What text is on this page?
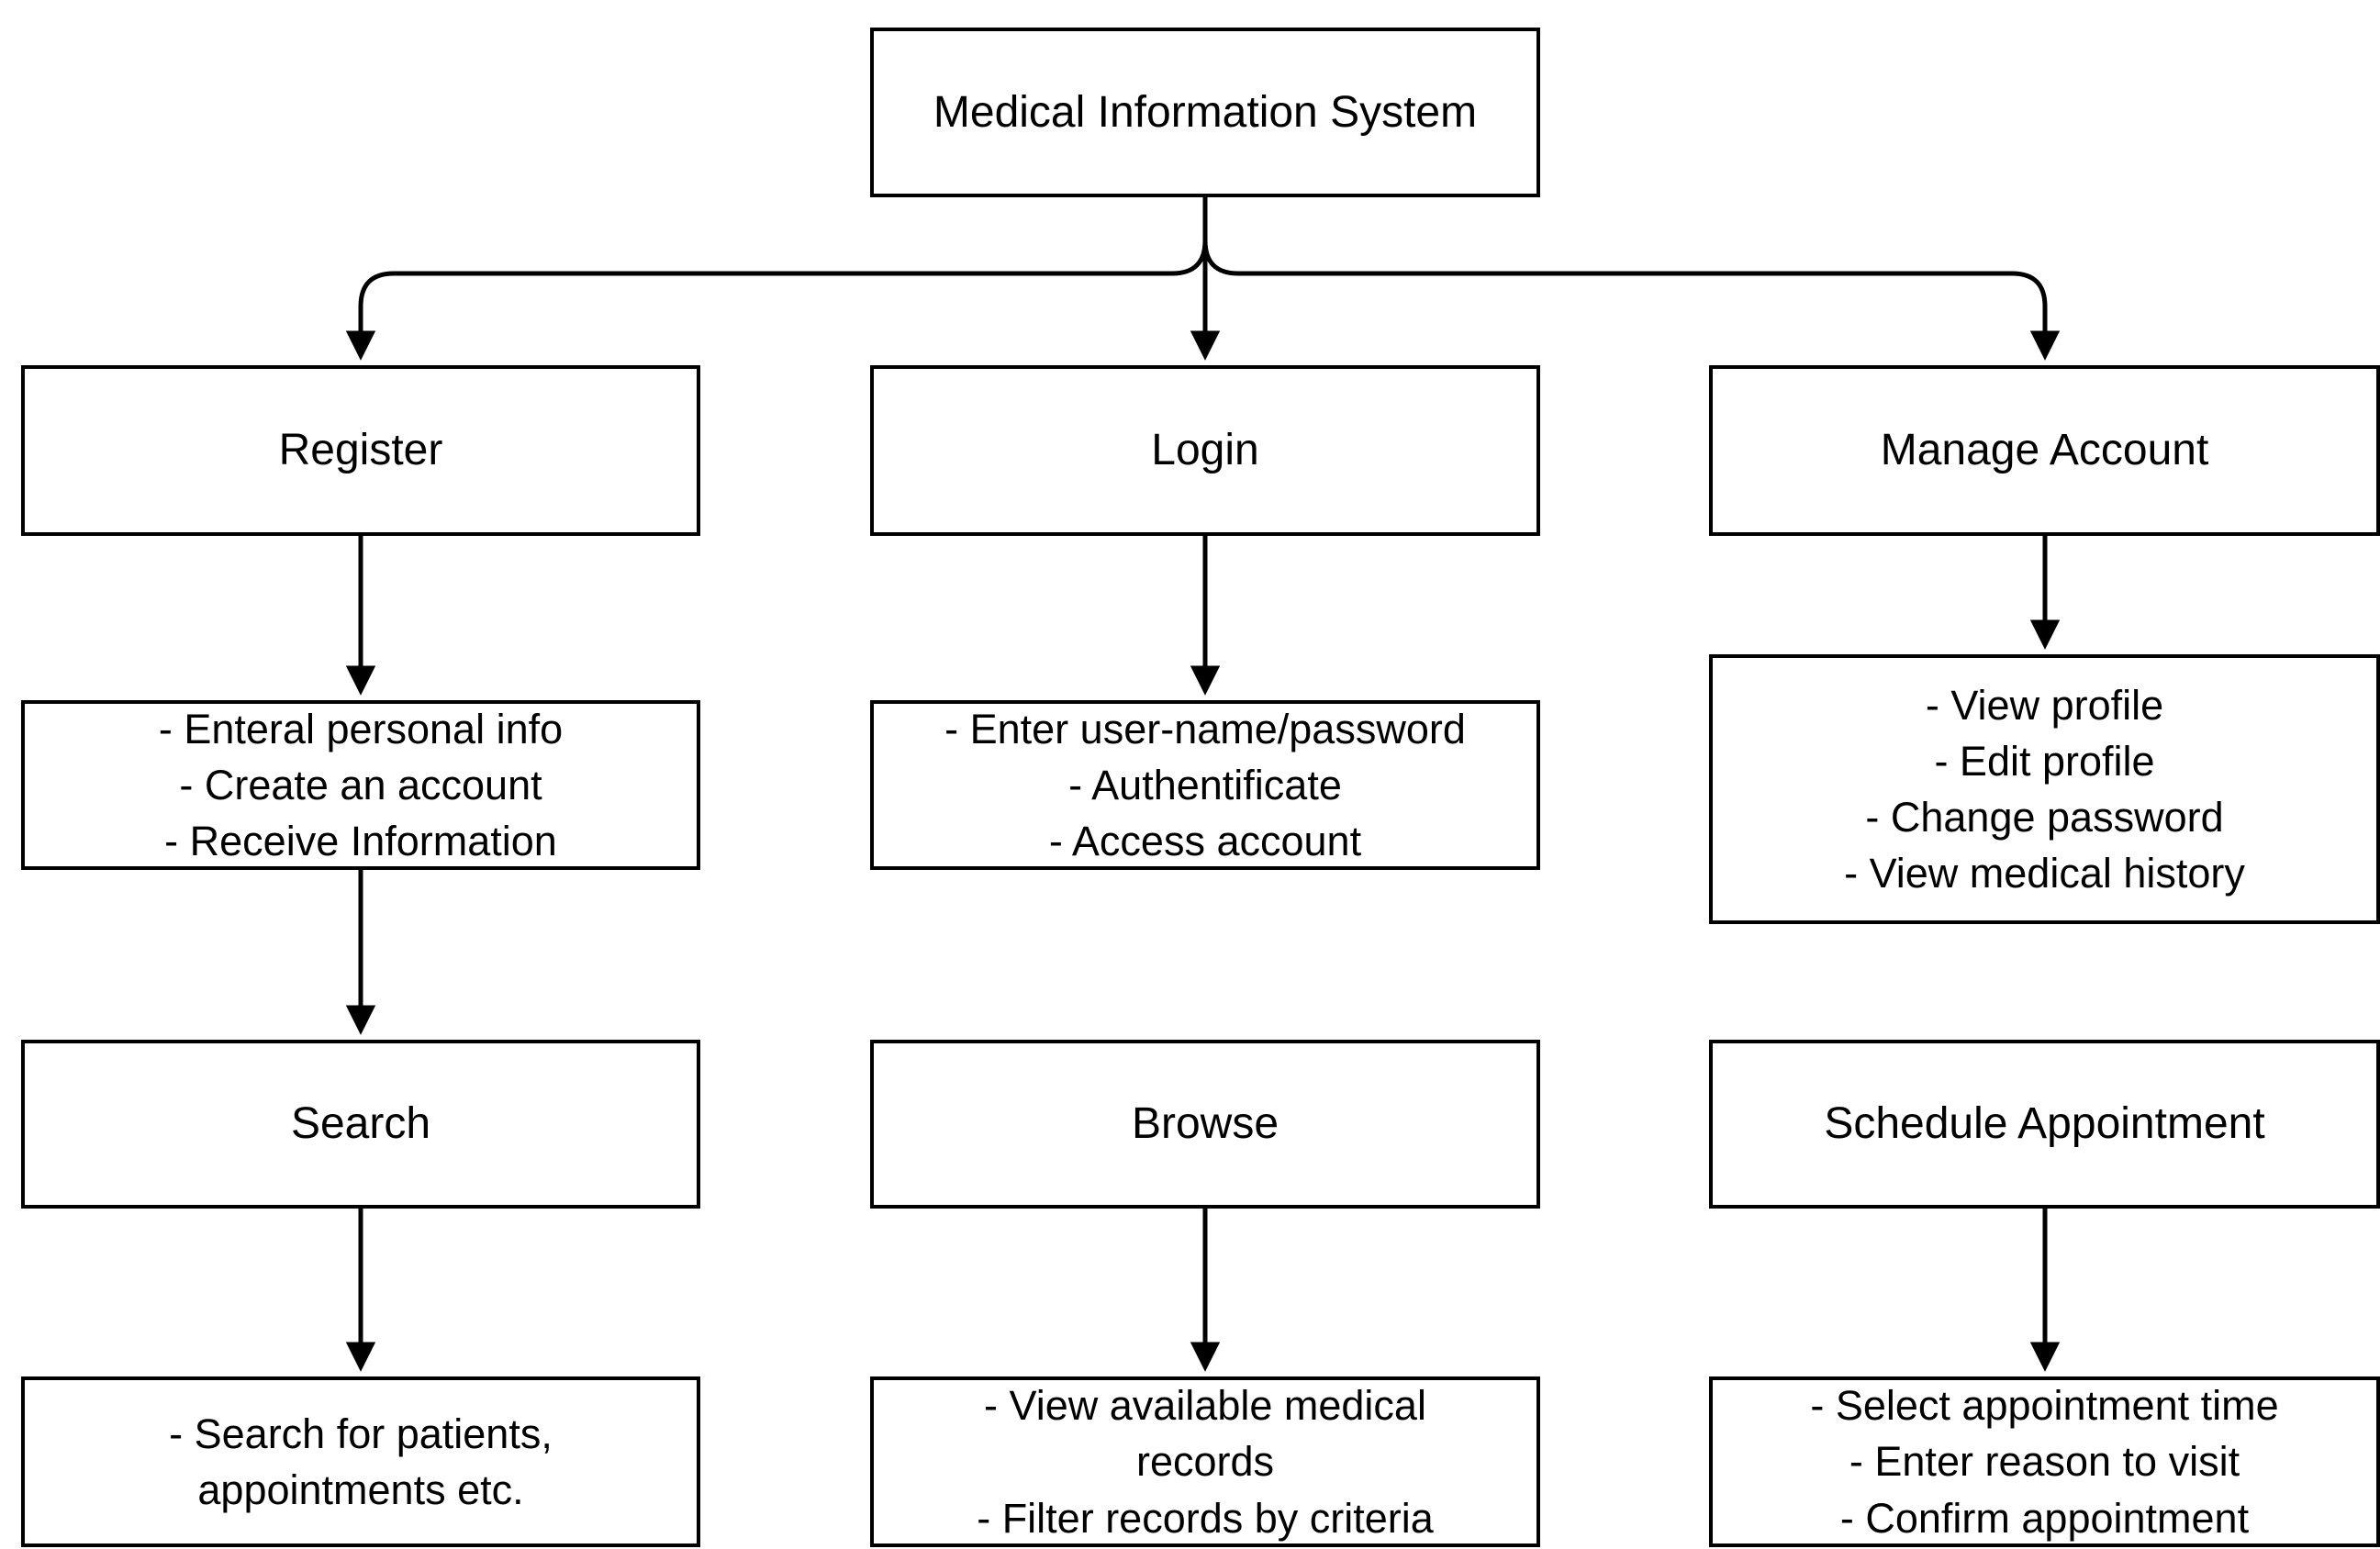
Medical Information System
Register	Login	Manage Account
- Enteral personal info
- Create an account
- Receive Information
- Enter user-name/password
- Authentificate
- Access account
- View profile
- Edit profile
- Change password
- View medical history
Search	Browse	Schedule Appointment
- Search for patients,
appointments etc.
- View available medical
records
- Filter records by criteria
- Select appointment time
- Enter reason to visit
- Confirm appointment
